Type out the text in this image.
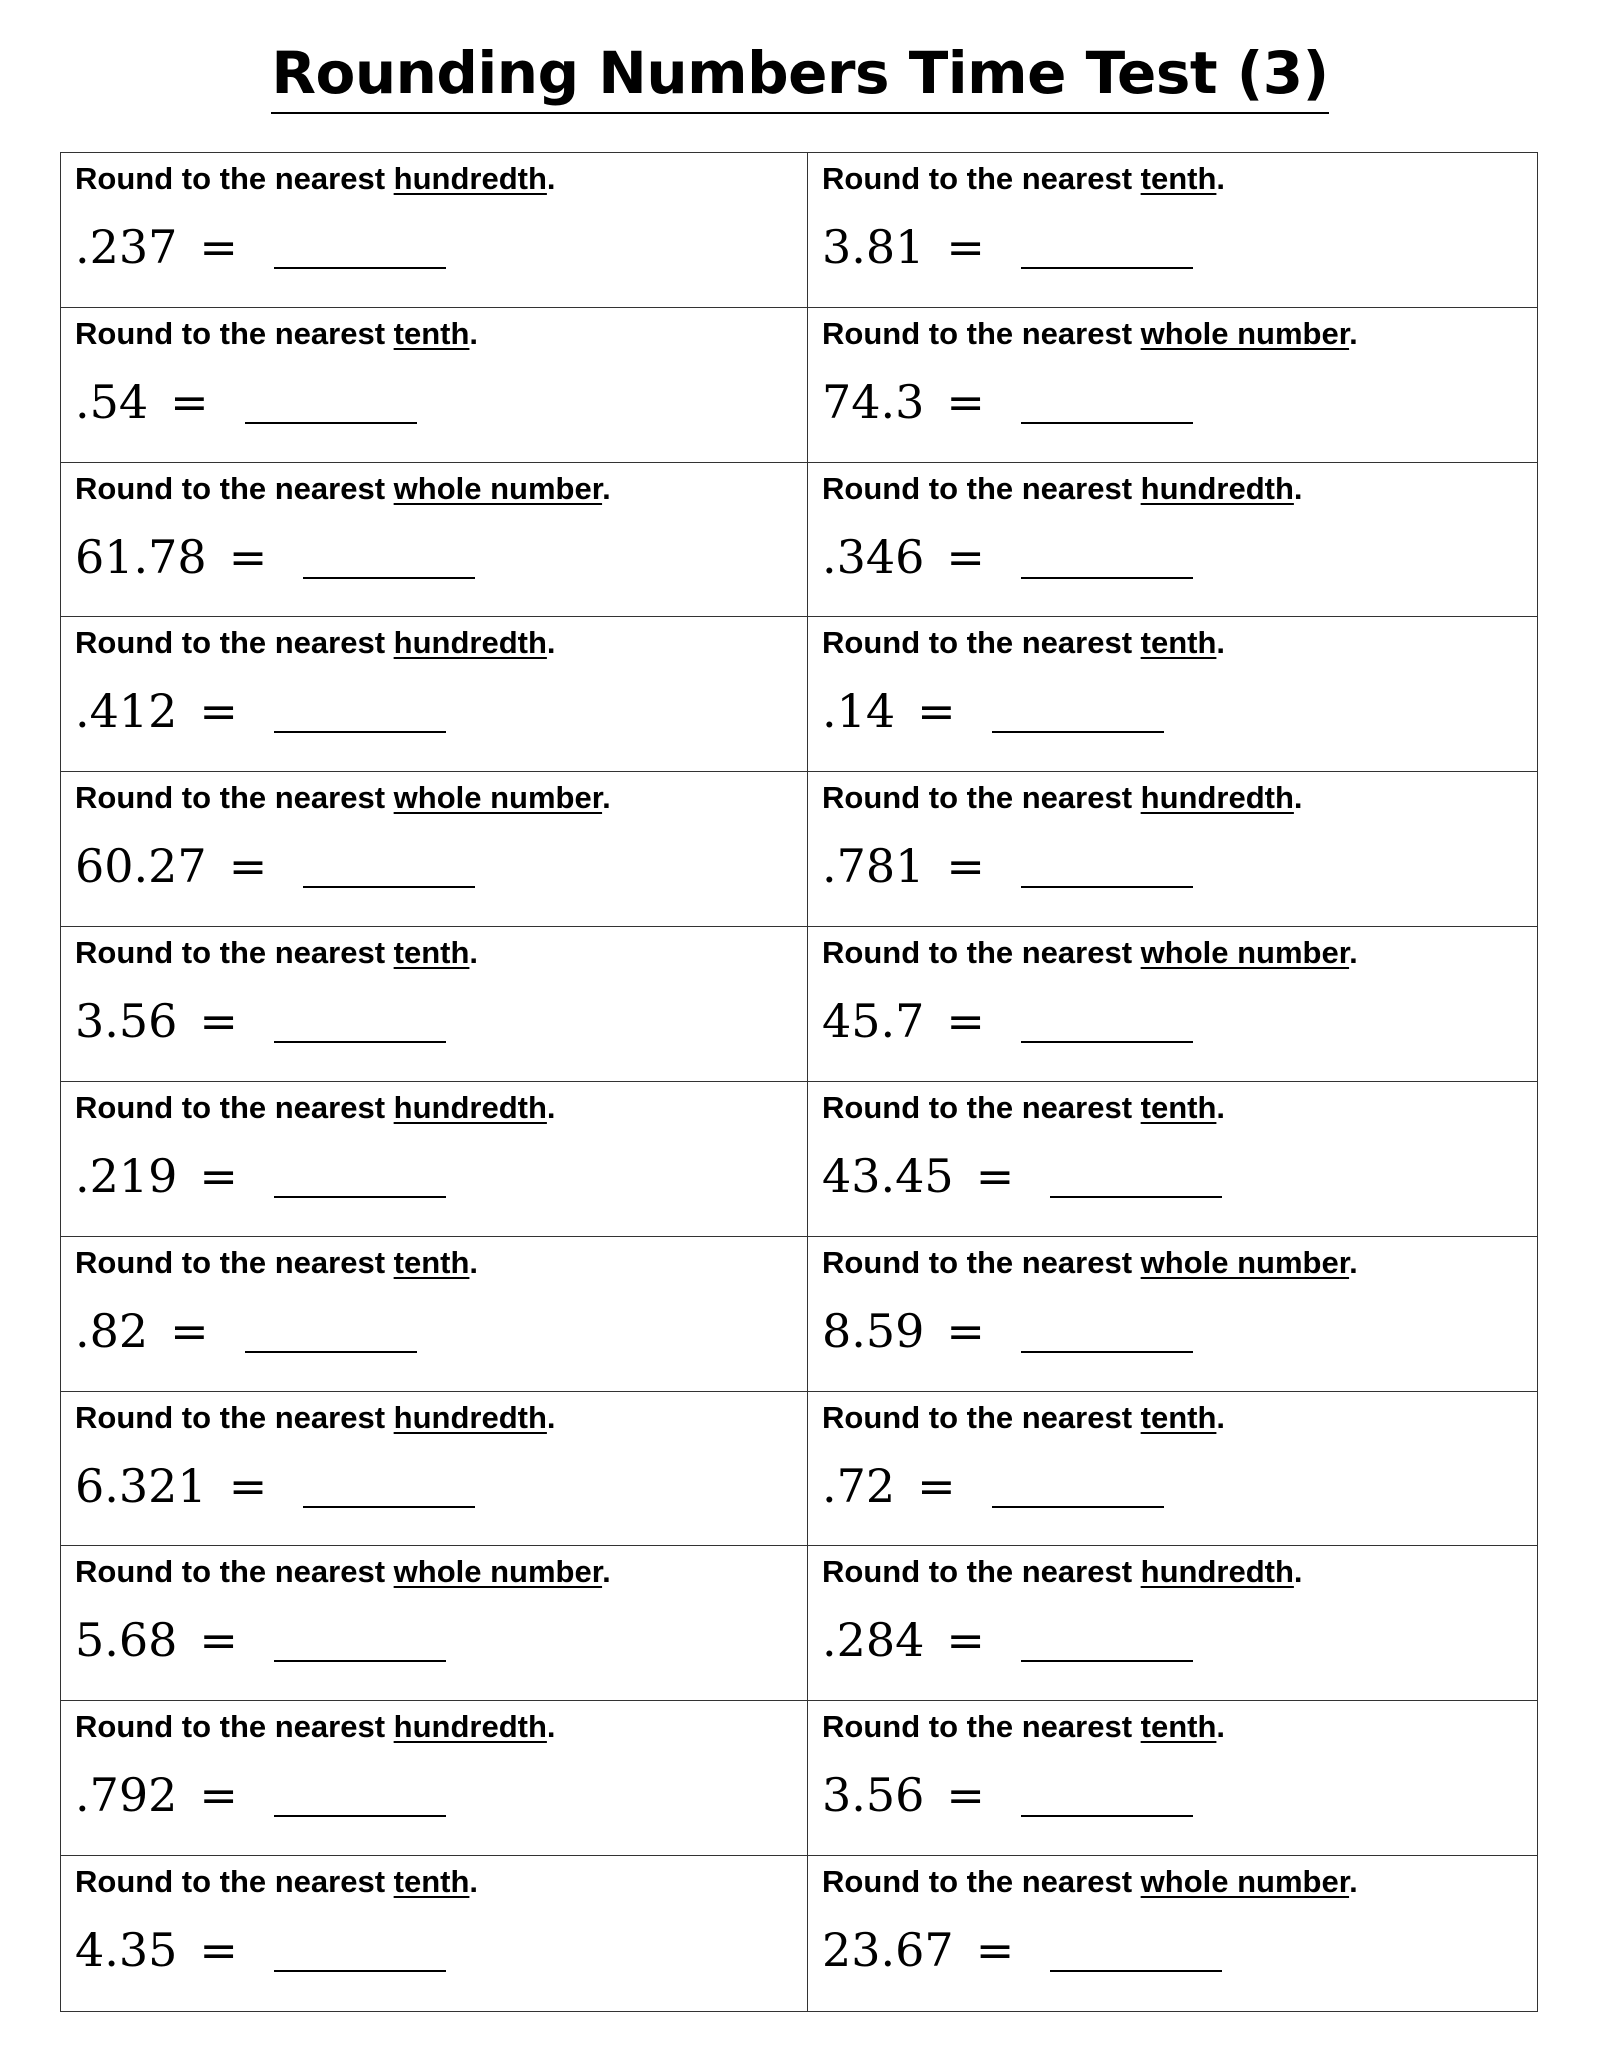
Rounding Numbers Time Test (3)
Round to the nearest hundredth.
.237 =
Round to the nearest tenth.
3.81 =
Round to the nearest tenth.
.54 =
Round to the nearest whole number.
74.3 =
Round to the nearest whole number.
61.78 =
Round to the nearest hundredth.
.346 =
Round to the nearest hundredth.
.412 =
Round to the nearest tenth.
.14 =
Round to the nearest whole number.
60.27 =
Round to the nearest hundredth.
.781 =
Round to the nearest tenth.
3.56 =
Round to the nearest whole number.
45.7 =
Round to the nearest hundredth.
.219 =
Round to the nearest tenth.
43.45 =
Round to the nearest tenth.
.82 =
Round to the nearest whole number.
8.59 =
Round to the nearest hundredth.
6.321 =
Round to the nearest tenth.
.72 =
Round to the nearest whole number.
5.68 =
Round to the nearest hundredth.
.284 =
Round to the nearest hundredth.
.792 =
Round to the nearest tenth.
3.56 =
Round to the nearest tenth.
4.35 =
Round to the nearest whole number.
23.67 =
